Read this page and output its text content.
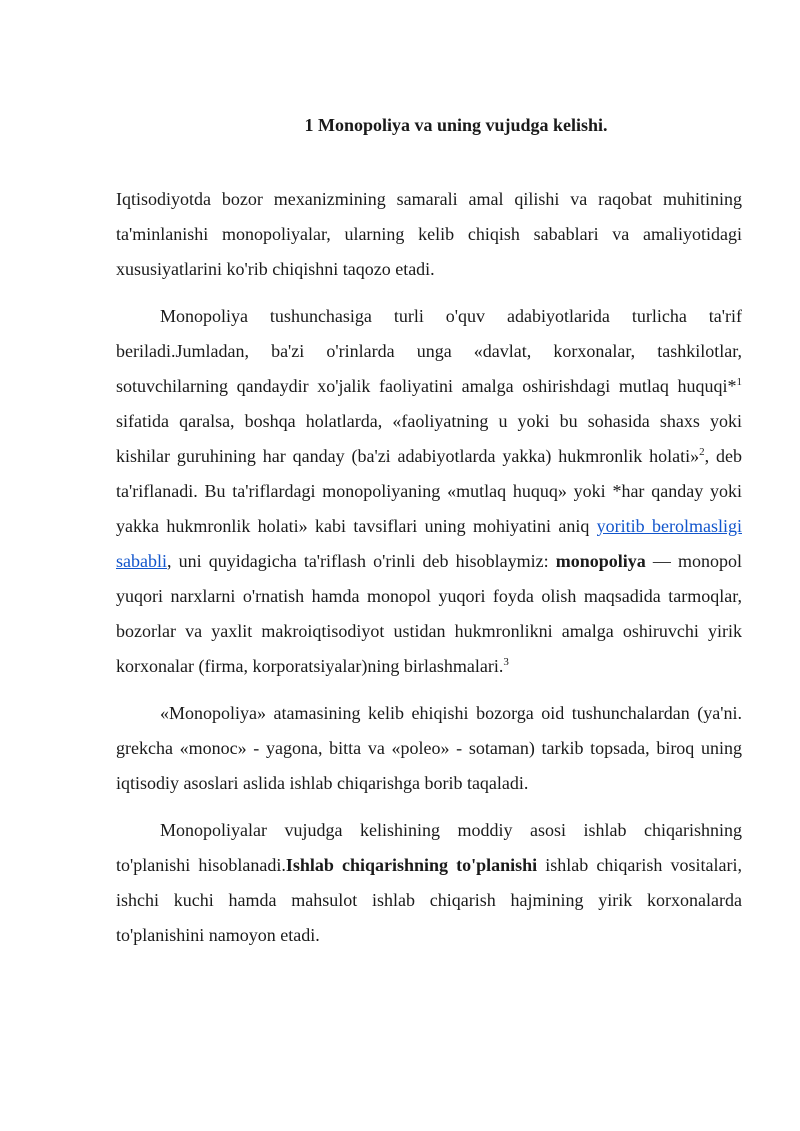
1 Monopoliya va uning vujudga kelishi.

Iqtisodiyotda bozor mexanizmining samarali amal qilishi va raqobat muhitining ta'minlanishi monopoliyalar, ularning kelib chiqish sabablari va amaliyotidagi xususiyatlarini ko'rib chiqishni taqozo etadi.

Monopoliya tushunchasiga turli o'quv adabiyotlarida turlicha ta'rif beriladi.Jumladan, ba'zi o'rinlarda unga «davlat, korxonalar, tashkilotlar, sotuvchilarning qandaydir xo'jalik faoliyatini amalga oshirishdagi mutlaq huquqi*$^1$ sifatida qaralsa, boshqa holatlarda, «faoliyatning u yoki bu sohasida shaxs yoki kishilar guruhining har qanday (ba'zi adabiyotlarda yakka) hukmronlik holati»$^2$, deb ta'riflanadi. Bu ta'riflardagi monopoliyaning «mutlaq huquq» yoki *har qanday yoki yakka hukmronlik holati» kabi tavsiflari uning mohiyatini aniq yoritib berolmasligi sababli, uni quyidagicha ta'riflash o'rinli deb hisoblaymiz: monopoliya — monopol yuqori narxlarni o'rnatish hamda monopol yuqori foyda olish maqsadida tarmoqlar, bozorlar va yaxlit makroiqtisodiyot ustidan hukmronlikni amalga oshiruvchi yirik korxonalar (firma, korporatsiyalar)ning birlashmalari.$^3$

«Monopoliya» atamasining kelib ehiqishi bozorga oid tushunchalardan (ya'ni. grekcha «monoc» - yagona, bitta va «poleo» - sotaman) tarkib topsada, biroq uning iqtisodiy asoslari aslida ishlab chiqarishga borib taqaladi.

Monopoliyalar vujudga kelishining moddiy asosi ishlab chiqarishning to'planishi hisoblanadi.Ishlab chiqarishning to'planishi ishlab chiqarish vositalari, ishchi kuchi hamda mahsulot ishlab chiqarish hajmining yirik korxonalarda to'planishini namoyon etadi.
